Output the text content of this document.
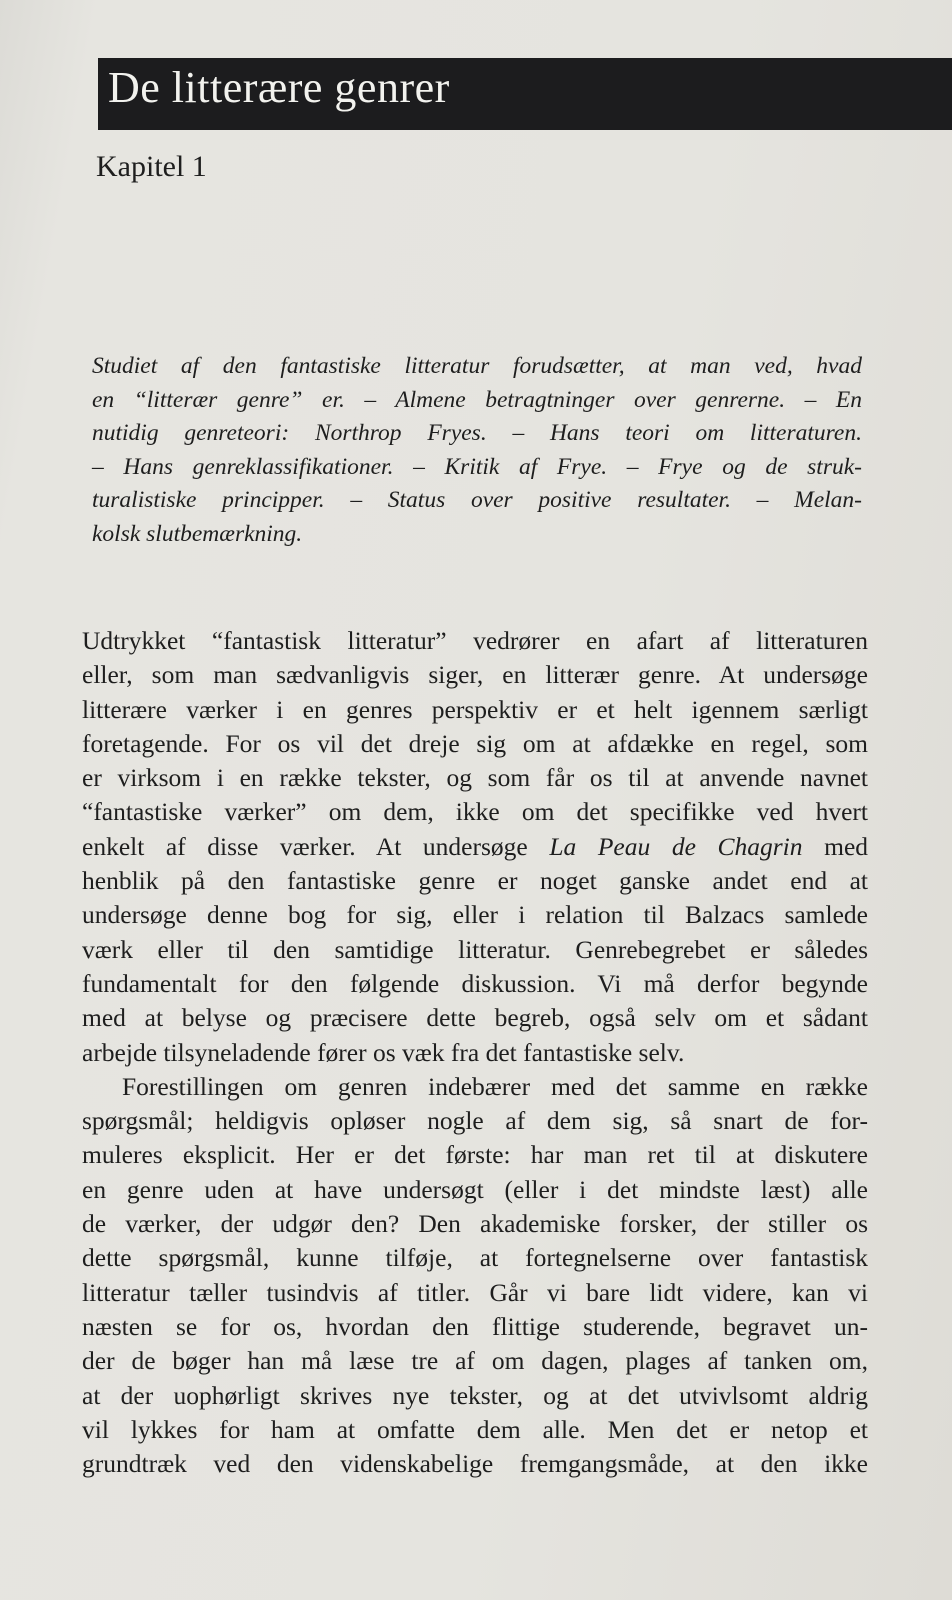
De litterære genrer
Kapitel 1
Studiet af den fantastiske litteratur forudsætter, at man ved, hvad
en “litterær genre” er. – Almene betragtninger over genrerne. – En
nutidig genreteori: Northrop Fryes. – Hans teori om litteraturen.
– Hans genreklassifikationer. – Kritik af Frye. – Frye og de struk-
turalistiske principper. – Status over positive resultater. – Melan-
kolsk slutbemærkning.
Udtrykket “fantastisk litteratur” vedrører en afart af litteraturen
eller, som man sædvanligvis siger, en litterær genre. At undersøge
litterære værker i en genres perspektiv er et helt igennem særligt
foretagende. For os vil det dreje sig om at afdække en regel, som
er virksom i en række tekster, og som får os til at anvende navnet
“fantastiske værker” om dem, ikke om det specifikke ved hvert
enkelt af disse værker. At undersøge La Peau de Chagrin med
henblik på den fantastiske genre er noget ganske andet end at
undersøge denne bog for sig, eller i relation til Balzacs samlede
værk eller til den samtidige litteratur. Genrebegrebet er således
fundamentalt for den følgende diskussion. Vi må derfor begynde
med at belyse og præcisere dette begreb, også selv om et sådant
arbejde tilsyneladende fører os væk fra det fantastiske selv.
Forestillingen om genren indebærer med det samme en række
spørgsmål; heldigvis opløser nogle af dem sig, så snart de for-
muleres eksplicit. Her er det første: har man ret til at diskutere
en genre uden at have undersøgt (eller i det mindste læst) alle
de værker, der udgør den? Den akademiske forsker, der stiller os
dette spørgsmål, kunne tilføje, at fortegnelserne over fantastisk
litteratur tæller tusindvis af titler. Går vi bare lidt videre, kan vi
næsten se for os, hvordan den flittige studerende, begravet un-
der de bøger han må læse tre af om dagen, plages af tanken om,
at der uophørligt skrives nye tekster, og at det utvivlsomt aldrig
vil lykkes for ham at omfatte dem alle. Men det er netop et
grundtræk ved den videnskabelige fremgangsmåde, at den ikke
